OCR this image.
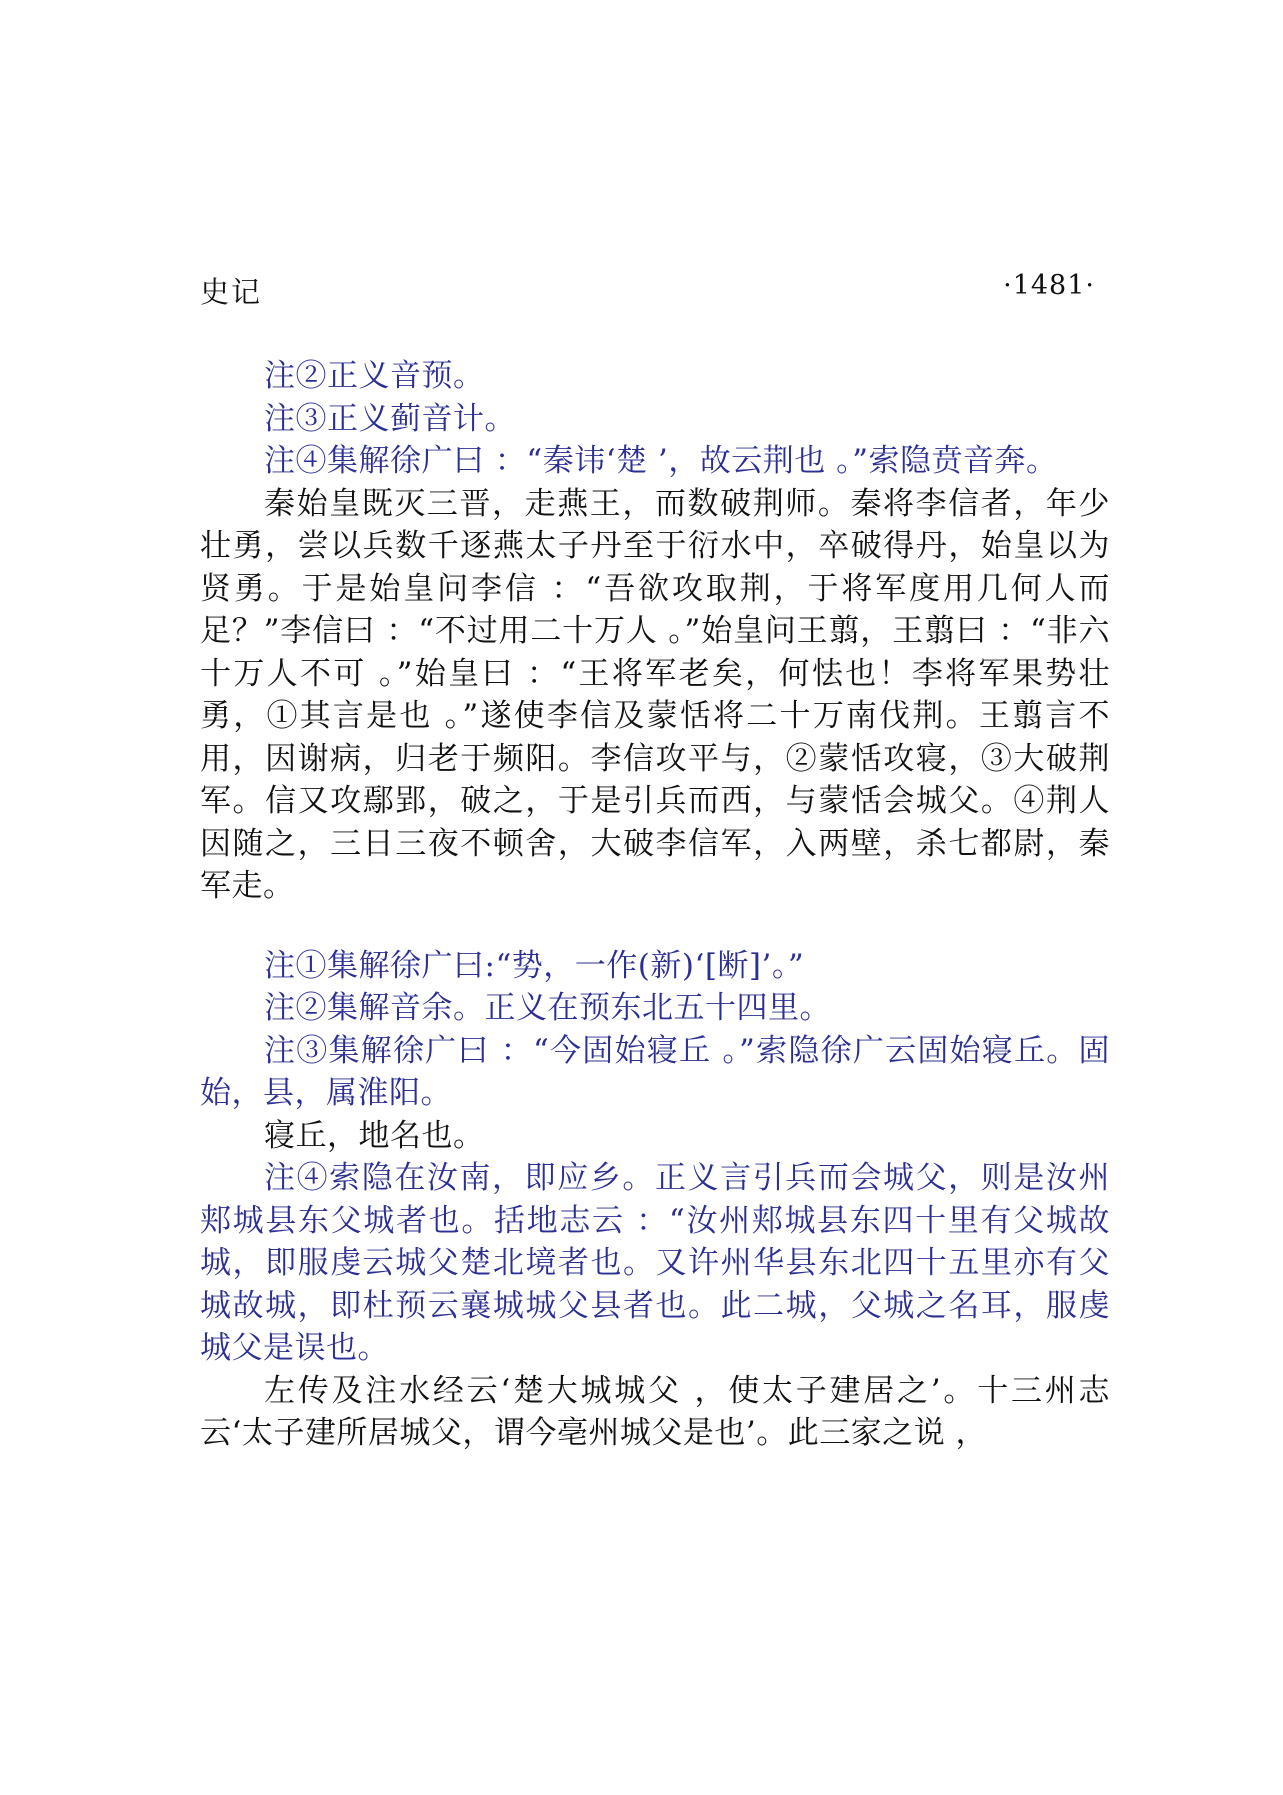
史记	·1481·

注②正义音预。

注③正义蓟音计。

注④集解徐广曰 ：“秦讳‘楚 ’，故云荆也 。”索隐贲音奔。

秦始皇既灭三晋，走燕王，而数破荆师。秦将李信者，年少壮勇，尝以兵数千逐燕太子丹至于衍水中，卒破得丹，始皇以为贤勇。于是始皇问李信 ：“吾欲攻取荆，于将军度用几何人而足？”李信曰 ：“不过用二十万人 。”始皇问王翦，王翦曰 ：“非六十万人不可 。”始皇曰 ：“王将军老矣，何怯也！李将军果势壮勇，①其言是也 。”遂使李信及蒙恬将二十万南伐荆。王翦言不用，因谢病，归老于频阳。李信攻平与，②蒙恬攻寝，③大破荆军。信又攻鄢郢，破之，于是引兵而西，与蒙恬会城父。④荆人因随之，三日三夜不顿舍，大破李信军，入两壁，杀七都尉，秦军走。

注①集解徐广曰:“势，一作(新)‘[断]’。”

注②集解音余。正义在预东北五十四里。

注③集解徐广曰 ：“今固始寝丘 。”索隐徐广云固始寝丘。固始，县，属淮阳。

寝丘，地名也。

注④索隐在汝南，即应乡。正义言引兵而会城父，则是汝州郏城县东父城者也。括地志云 ：“汝州郏城县东四十里有父城故城，即服虔云城父楚北境者也。又许州华县东北四十五里亦有父城故城，即杜预云襄城城父县者也。此二城，父城之名耳，服虔城父是误也。

左传及注水经云‘楚大城城父 ，使太子建居之’。十三州志云‘太子建所居城父，谓今亳州城父是也’。此三家之说 ，
